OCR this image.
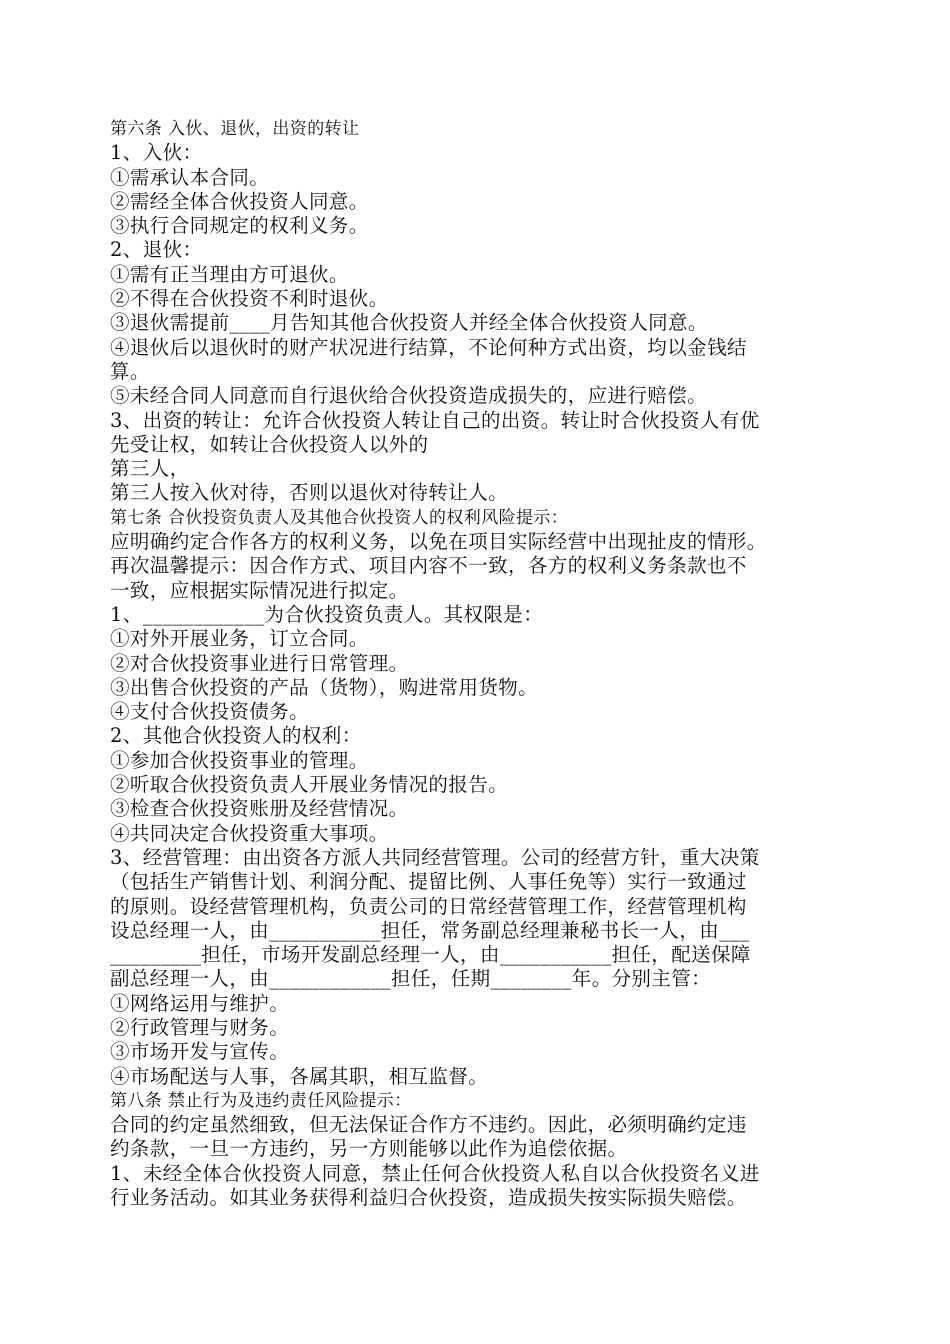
第六条 入伙、退伙，出资的转让
1、入伙：
①需承认本合同。
②需经全体合伙投资人同意。
③执行合同规定的权利义务。
2、退伙：
①需有正当理由方可退伙。
②不得在合伙投资不利时退伙。
③退伙需提前____月告知其他合伙投资人并经全体合伙投资人同意。
④退伙后以退伙时的财产状况进行结算，不论何种方式出资，均以金钱结
算。
⑤未经合同人同意而自行退伙给合伙投资造成损失的，应进行赔偿。
3、出资的转让：允许合伙投资人转让自己的出资。转让时合伙投资人有优
先受让权，如转让合伙投资人以外的
第三人，
第三人按入伙对待，否则以退伙对待转让人。
第七条 合伙投资负责人及其他合伙投资人的权利风险提示：
应明确约定合作各方的权利义务，以免在项目实际经营中出现扯皮的情形。
再次温馨提示：因合作方式、项目内容不一致，各方的权利义务条款也不
一致，应根据实际情况进行拟定。
1、____________为合伙投资负责人。其权限是：
①对外开展业务，订立合同。
②对合伙投资事业进行日常管理。
③出售合伙投资的产品（货物），购进常用货物。
④支付合伙投资债务。
2、其他合伙投资人的权利：
①参加合伙投资事业的管理。
②听取合伙投资负责人开展业务情况的报告。
③检查合伙投资账册及经营情况。
④共同决定合伙投资重大事项。
3、经营管理：由出资各方派人共同经营管理。公司的经营方针，重大决策
（包括生产销售计划、利润分配、提留比例、人事任免等）实行一致通过
的原则。设经营管理机构，负责公司的日常经营管理工作，经营管理机构
设总经理一人，由___________担任，常务副总经理兼秘书长一人，由___
_________担任，市场开发副总经理一人，由___________担任，配送保障
副总经理一人，由____________担任，任期________年。分别主管：
①网络运用与维护。
②行政管理与财务。
③市场开发与宣传。
④市场配送与人事，各属其职，相互监督。
第八条 禁止行为及违约责任风险提示：
合同的约定虽然细致，但无法保证合作方不违约。因此，必须明确约定违
约条款，一旦一方违约，另一方则能够以此作为追偿依据。
1、未经全体合伙投资人同意，禁止任何合伙投资人私自以合伙投资名义进
行业务活动。如其业务获得利益归合伙投资，造成损失按实际损失赔偿。
